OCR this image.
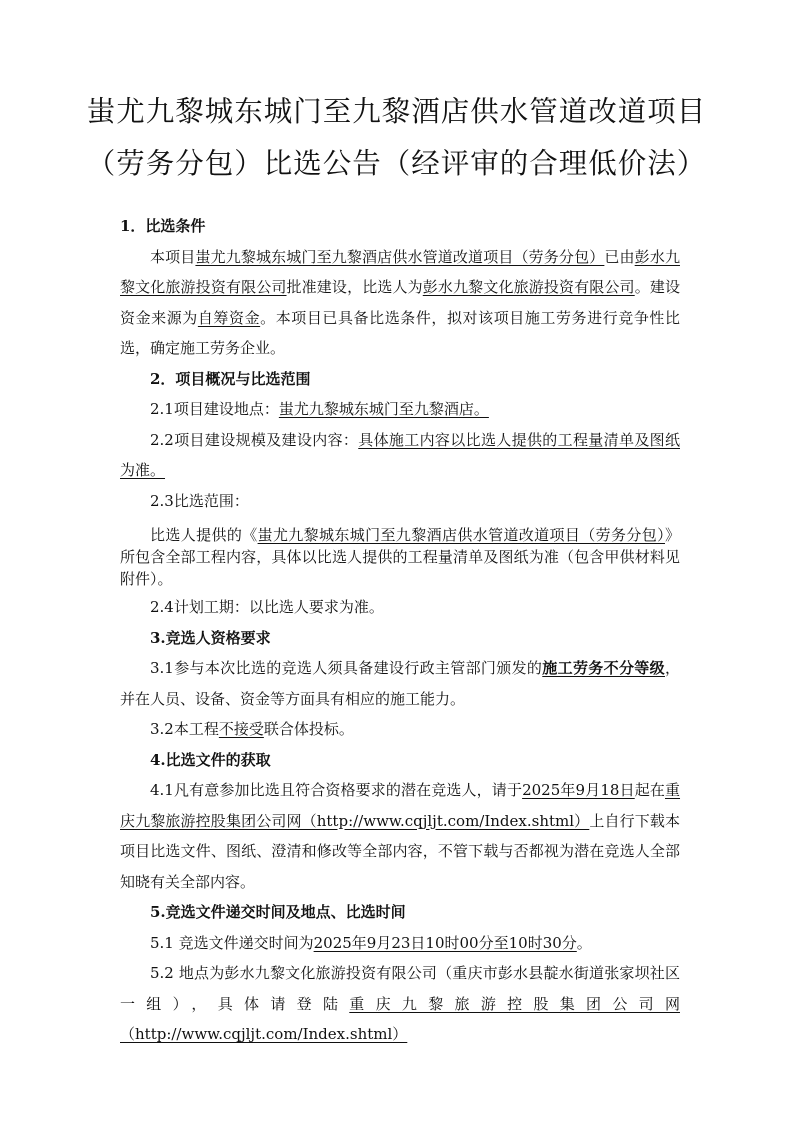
蚩尤九黎城东城门至九黎酒店供水管道改道项目（劳务分包）比选公告（经评审的合理低价法）

1．比选条件

本项目蚩尤九黎城东城门至九黎酒店供水管道改道项目（劳务分包）已由彭水九黎文化旅游投资有限公司批准建设，比选人为彭水九黎文化旅游投资有限公司。建设资金来源为自筹资金。本项目已具备比选条件，拟对该项目施工劳务进行竞争性比选，确定施工劳务企业。

2．项目概况与比选范围

2.1项目建设地点：蚩尤九黎城东城门至九黎酒店。

2.2项目建设规模及建设内容：具体施工内容以比选人提供的工程量清单及图纸为准。

2.3比选范围：

比选人提供的《蚩尤九黎城东城门至九黎酒店供水管道改道项目（劳务分包）》所包含全部工程内容，具体以比选人提供的工程量清单及图纸为准（包含甲供材料见附件）。

2.4计划工期：以比选人要求为准。

3.竞选人资格要求

3.1参与本次比选的竞选人须具备建设行政主管部门颁发的施工劳务不分等级，并在人员、设备、资金等方面具有相应的施工能力。

3.2本工程不接受联合体投标。

4.比选文件的获取

4.1凡有意参加比选且符合资格要求的潜在竞选人，请于2025年9月18日起在重庆九黎旅游控股集团公司网（http://www.cqjljt.com/Index.shtml）上自行下载本项目比选文件、图纸、澄清和修改等全部内容，不管下载与否都视为潜在竞选人全部知晓有关全部内容。

5.竞选文件递交时间及地点、比选时间

5.1 竞选文件递交时间为2025年9月23日10时00分至10时30分。

5.2 地点为彭水九黎文化旅游投资有限公司（重庆市彭水县靛水街道张家坝社区一组），具体请登陆重庆九黎旅游控股集团公司网（http://www.cqjljt.com/Index.shtml）
